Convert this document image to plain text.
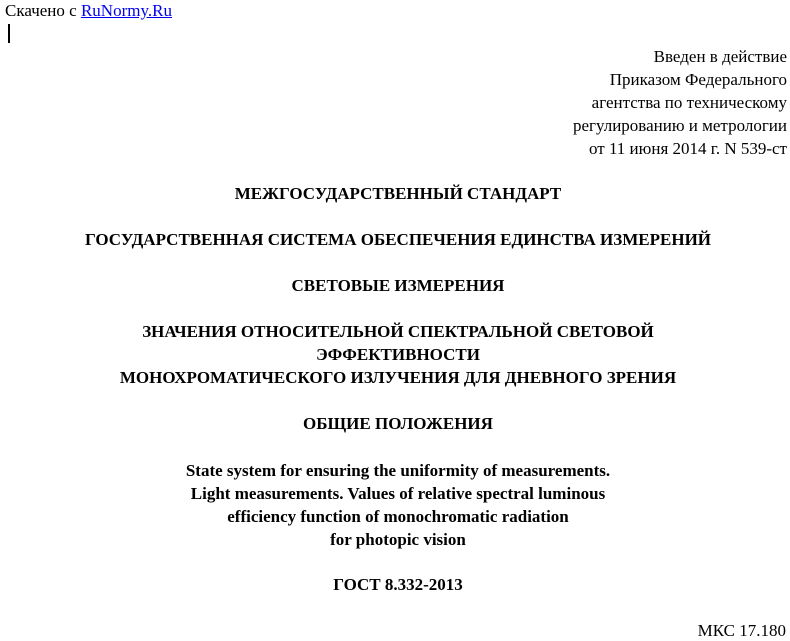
Скачено с RuNormy.Ru
Введен в действие
Приказом Федерального
агентства по техническому
регулированию и метрологии
от 11 июня 2014 г. N 539-ст
МЕЖГОСУДАРСТВЕННЫЙ СТАНДАРТ
ГОСУДАРСТВЕННАЯ СИСТЕМА ОБЕСПЕЧЕНИЯ ЕДИНСТВА ИЗМЕРЕНИЙ
СВЕТОВЫЕ ИЗМЕРЕНИЯ
ЗНАЧЕНИЯ ОТНОСИТЕЛЬНОЙ СПЕКТРАЛЬНОЙ СВЕТОВОЙ
ЭФФЕКТИВНОСТИ
МОНОХРОМАТИЧЕСКОГО ИЗЛУЧЕНИЯ ДЛЯ ДНЕВНОГО ЗРЕНИЯ
ОБЩИЕ ПОЛОЖЕНИЯ
State system for ensuring the uniformity of measurements.
Light measurements. Values of relative spectral luminous
efficiency function of monochromatic radiation
for photopic vision
ГОСТ 8.332-2013
МКС 17.180
